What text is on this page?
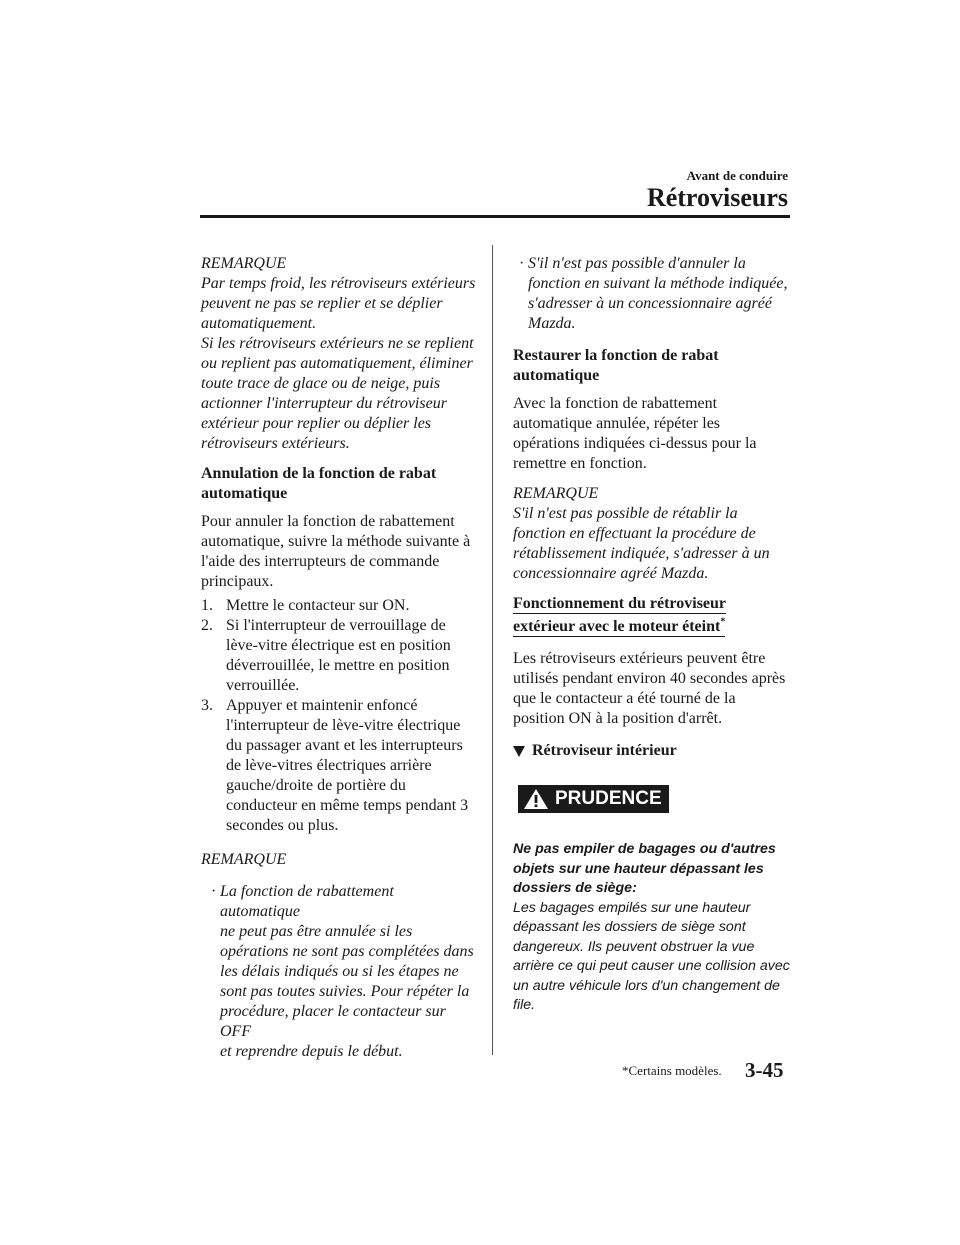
Avant de conduire
Rétroviseurs

REMARQUE

Par temps froid, les rétroviseurs extérieurs

peuvent ne pas se replier et se déplier

automatiquement.

Si les rétroviseurs extérieurs ne se replient

ou replient pas automatiquement, éliminer

toute trace de glace ou de neige, puis

actionner l'interrupteur du rétroviseur

extérieur pour replier ou déplier les

rétroviseurs extérieurs.

Annulation de la fonction de rabat
automatique
Pour annuler la fonction de rabattement
automatique, suivre la méthode suivante à
l'aide des interrupteurs de commande
principaux.
1. Mettre le contacteur sur ON.
2. Si l'interrupteur de verrouillage de
lève-vitre électrique est en position
déverrouillée, le mettre en position
verrouillée.
3. Appuyer et maintenir enfoncé
l'interrupteur de lève-vitre électrique
du passager avant et les interrupteurs
de lève-vitres électriques arrière
gauche/droite de portière du
conducteur en même temps pendant 3
secondes ou plus.

REMARQUE

· La fonction de rabattement automatique
ne peut pas être annulée si les
opérations ne sont pas complétées dans
les délais indiqués ou si les étapes ne
sont pas toutes suivies. Pour répéter la
procédure, placer le contacteur sur OFF
et reprendre depuis le début.
· S'il n'est pas possible d'annuler la
fonction en suivant la méthode indiquée,
s'adresser à un concessionnaire agréé
Mazda.
Restaurer la fonction de rabat
automatique
Avec la fonction de rabattement
automatique annulée, répéter les
opérations indiquées ci-dessus pour la
remettre en fonction.

REMARQUE

S'il n'est pas possible de rétablir la

fonction en effectuant la procédure de

rétablissement indiquée, s'adresser à un

concessionnaire agréé Mazda.

Fonctionnement du rétroviseur
extérieur avec le moteur éteint*
Les rétroviseurs extérieurs peuvent être
utilisés pendant environ 40 secondes après
que le contacteur a été tourné de la
position ON à la position d'arrêt.
Rétroviseur intérieur
PRUDENCE
Ne pas empiler de bagages ou d'autres
objets sur une hauteur dépassant les
dossiers de siège:
Les bagages empilés sur une hauteur
dépassant les dossiers de siège sont
dangereux. Ils peuvent obstruer la vue
arrière ce qui peut causer une collision avec
un autre véhicule lors d'un changement de
file.
*Certains modèles. 3-45
